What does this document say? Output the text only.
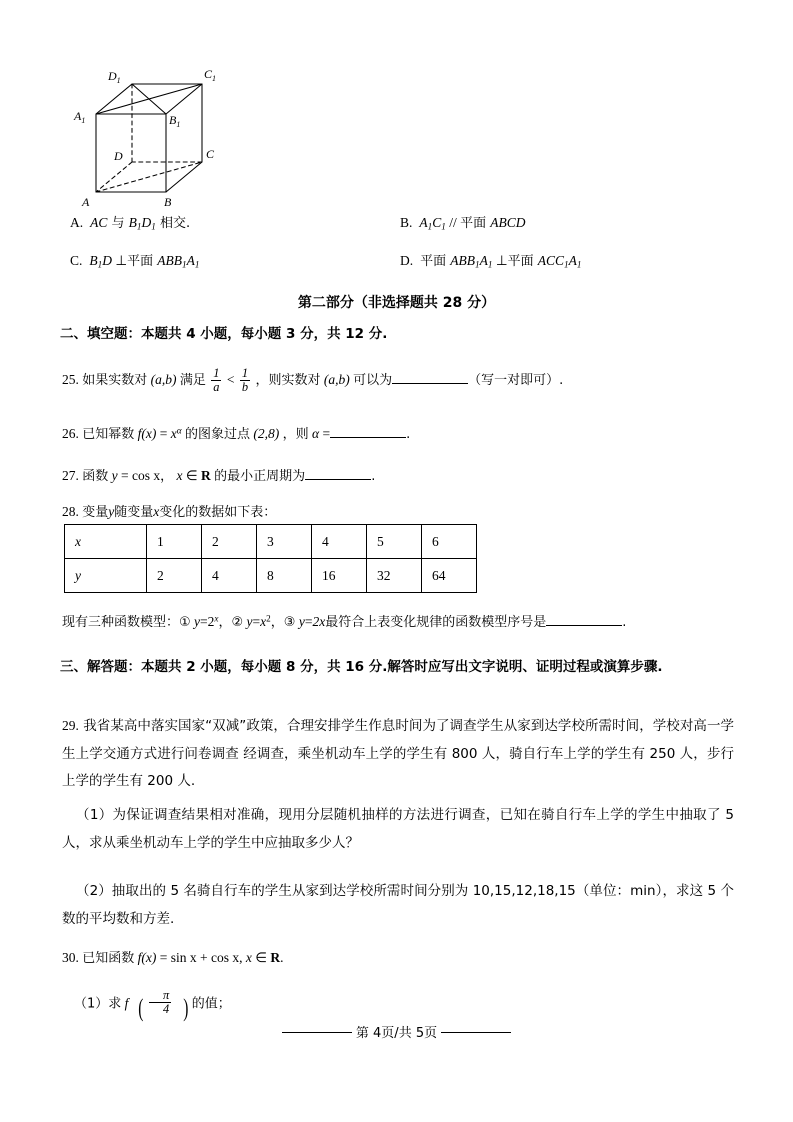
$D_1$	$C_1$
$A_1$	$B_1$
D	C
A	B
A. AC 与 $B_1D_1$ 相交.	B. $A_1C_1$ // 平面 ABCD
C. $B_1D$ ⊥平面 $ABB_1A_1$	D. 平面 $ABB_1A_1$ ⊥平面 $ACC_1A_1$
第二部分（非选择题共 28 分）
二、填空题：本题共 4 小题，每小题 3 分，共 12 分.
25. 如果实数对 (a,b) 满足 $\frac{1}{a} < \frac{1}{b}$ ，则实数对 (a,b) 可以为	（写一对即可）.
26. 已知幂数 $f(x) = x^\alpha$ 的图象过点 (2,8) ，则 α =	.
27. 函数 y = cos x， x ∈ R 的最小正周期为	.
28. 变量y随变量x变化的数据如下表：
x	1	2	3	4	5	6
y	2	4	8	16	32	64
现有三种函数模型：① $y=2^x$，② $y=x^2$，③ y=2x最符合上表变化规律的函数模型序号是	.
三、解答题：本题共 2 小题，每小题 8 分，共 16 分.解答时应写出文字说明、证明过程或演算步骤.
29. 我省某高中落实国家“双减”政策，合理安排学生作息时间为了调查学生从家到达学校所需时间，学校对高一学生上学交通方式进行问卷调查 经调查，乘坐机动车上学的学生有 800 人，骑自行车上学的学生有 250 人，步行上学的学生有 200 人.
（1）为保证调查结果相对准确，现用分层随机抽样的方法进行调查，已知在骑自行车上学的学生中抽取了 5 人，求从乘坐机动车上学的学生中应抽取多少人？
（2）抽取出的 5 名骑自行车的学生从家到达学校所需时间分别为 10,15,12,18,15（单位：min），求这 5 个数的平均数和方差.
30. 已知函数 f(x) = sin x + cos x, x ∈ R.
（1）求 f ( $\frac{\pi}{4}$ ) 的值；
第 4页/共 5页
